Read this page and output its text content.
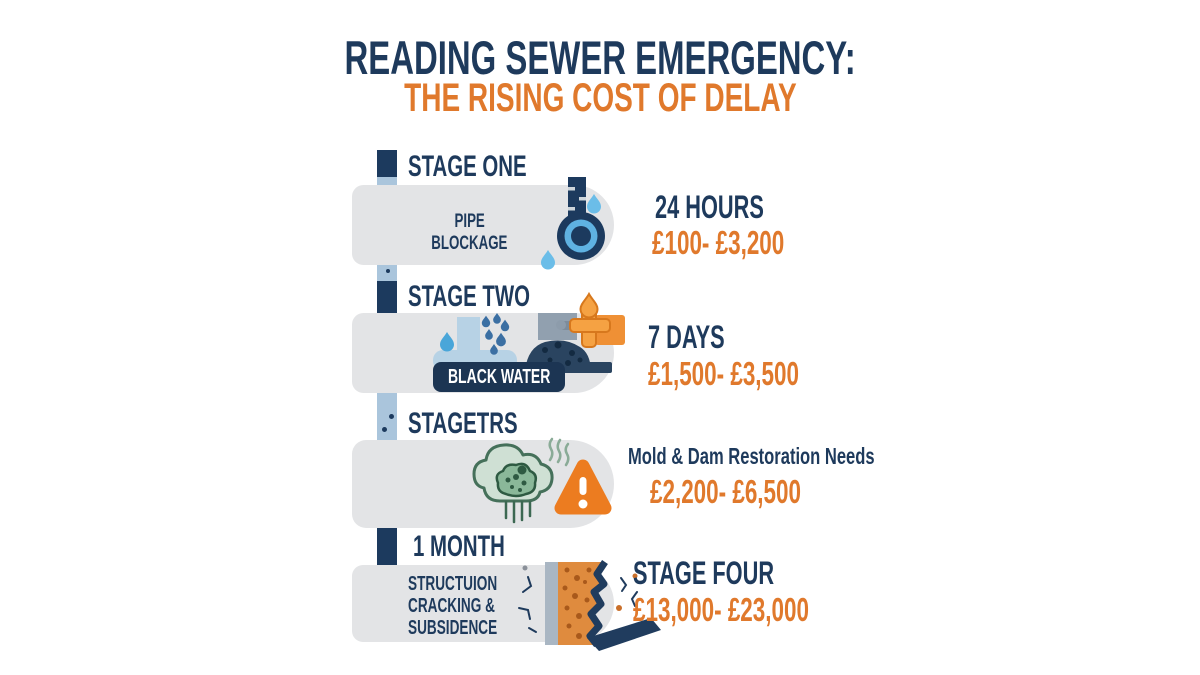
READING SEWER EMERGENCY:
THE RISING COST OF DELAY
STAGE ONE
PIPE
BLOCKAGE
24 HOURS
£100- £3,200
STAGE TWO
BLACK WATER
7 DAYS
£1,500- £3,500
STAGETRS
Mold & Dam Restoration Needs
£2,200- £6,500
1 MONTH
STRUCTUION
CRACKING &
SUBSIDENCE
STAGE FOUR
£13,000- £23,000
